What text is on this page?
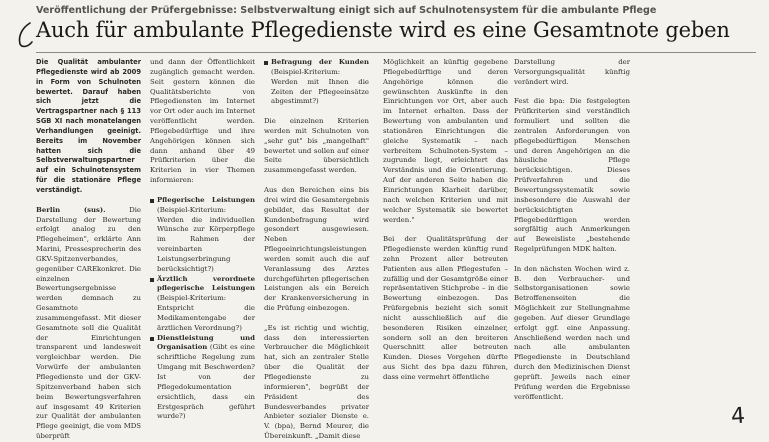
Veröffentlichung der Prüfergebnisse: Selbstverwaltung einigt sich auf Schulnotensystem für die ambulante Pflege
Auch für ambulante Pflegedienste wird es eine Gesamtnote geben

Die Qualität ambulanter Pflegedienste wird ab 2009 in Form von Schulnoten bewertet. Darauf haben sich jetzt die Vertragspartner nach § 113 SGB XI nach monatelangen Verhandlungen geeinigt. Bereits im November hatten sich die Selbstverwaltungspartner auf ein Schulnotensystem für die stationäre Pflege verständigt.

Berlin (sus).	Die Darstellung der Bewertung erfolgt analog zu den Pflegeheimen", erklärte Ann Marini, Pressesprecherin des GKV-Spitzenverbandes, gegenüber CAREkonkret. Die einzelnen Bewertungsergebnisse werden demnach zu Gesamtnote zusammengefasst. Mit dieser Gesamtnote soll die Qualität der Einrichtungen transparent und landesweit vergleichbar werden. Die Vorwürfe der ambulanten Pflegedienste und der GKV-Spitzenverband haben sich beim Bewertungsverfahren auf insgesamt 49 Kriterien zur Qualität der ambulanten Pflege geeinigt, die vom MDS überprüft

und dann der Öffentlichkeit zugänglich gemacht werden. Seit gestern können die Qualitätsberichte von Pflegediensten im Internet vor Ort oder auch im Internet veröffentlicht werden. Pflegebedürftige und ihre Angehörigen können sich dann anhand über 49 Prüfkriterien über die Kriterien in vier Themen informieren:

Pflegerische Leistungen (Beispiel-Kriterium: Werden die individuellen Wünsche zur Körperpflege im Rahmen der vereinbarten Leistungserbringung berücksichtigt?)
Ärztlich verordnete pflegerische Leistungen (Beispiel-Kriterium: Entspricht die Medikamentengabe der ärztlichen Verordnung?)
Dienstleistung und Organisation (Gibt es eine schriftliche Regelung zum Umgang mit Beschwerden? Ist von der Pflegedokumentation ersichtlich, dass ein Erstgespräch geführt wurde?)
Befragung der Kunden (Beispiel-Kriterium: Werden mit Ihnen die Zeiten der Pflegeeinsätze abgestimmt?)

Die einzelnen Kriterien werden mit Schulnoten von „sehr gut" bis „mangelhaft" bewertet und sollen auf einer Seite übersichtlich zusammengefasst werden.

Aus den Bereichen eins bis drei wird die Gesamtergebnis gebildet, das Resultat der Kundenbefragung wird gesondert ausgewiesen. Neben Pflegeeinrichtungsleistungen werden somit auch die auf Veranlassung des Arztes durchgeführten pflegerischen Leistungen als ein Bereich der Krankenversicherung in die Prüfung einbezogen.

„Es ist richtig und wichtig, dass den interessierten Verbraucher die Möglichkeit hat, sich an zentraler Stelle über die Qualität der Pflegedienste zu informieren", begrüßt der Präsident des Bundesverbandes privater Anbieter sozialer Dienste e. V. (bpa), Bernd Meurer, die Übereinkunft. „Damit diese

Möglichkeit an künftig gegebene Pflegebedürftige und deren Angehörige können die gewünschten Auskünfte in den Einrichtungen vor Ort, aber auch im Internet erhalten. Dass der Bewertung von ambulanten und stationären Einrichtungen die gleiche Systematik – nach verbreitem Schulnoten-System – zugrunde liegt, erleichtert das Verständnis und die Orientierung. Auf der anderen Seite haben die Einrichtungen Klarheit darüber, nach welchen Kriterien und mit welcher Systematik sie bewertet werden."

Bei der Qualitätsprüfung der Pflegedienste werden künftig rund zehn Prozent aller betreuten Patienten aus allen Pflegestufen – zufällig und der Gesamtgröße einer repräsentativen Stichprobe – in die Bewertung einbezogen. Das Prüfergebnis bezieht sich somit nicht ausschließlich auf die besonderen Risiken einzelner, sondern soll an den breiteren Querschnitt aller betreuten Kunden. Dieses Vorgehen dürfte aus Sicht des bpa dazu führen, dass eine vermehrt öffentliche

Darstellung der Versorgungsqualität künftig verändert wird.

Fest die bpa: Die festgelegten Prüfkriterien sind verständlich formuliert und sollten die zentralen Anforderungen von pflegebedürftigen Menschen und deren Angehörigen an die häusliche Pflege berücksichtigen. Dieses Prüfverfahren und die Bewertungssystematik sowie insbesondere die Auswahl der berücksichtigten Pflegebedürftigen werden sorgfältig auch Anmerkungen auf Beweisliste „bestehende Regelprüfungen MDK halten.

In den nächsten Wochen wird z. B. den Verbraucher- und Selbstorganisationen sowie Betroffenenseiten die Möglichkeit zur Stellungnahme gegeben. Auf dieser Grundlage erfolgt ggf. eine Anpassung. Anschließend werden nach und nach alle ambulanten Pflegedienste in Deutschland durch den Medizinischen Dienst geprüft. Jeweils nach einer Prüfung werden die Ergebnisse veröffentlicht.

4
